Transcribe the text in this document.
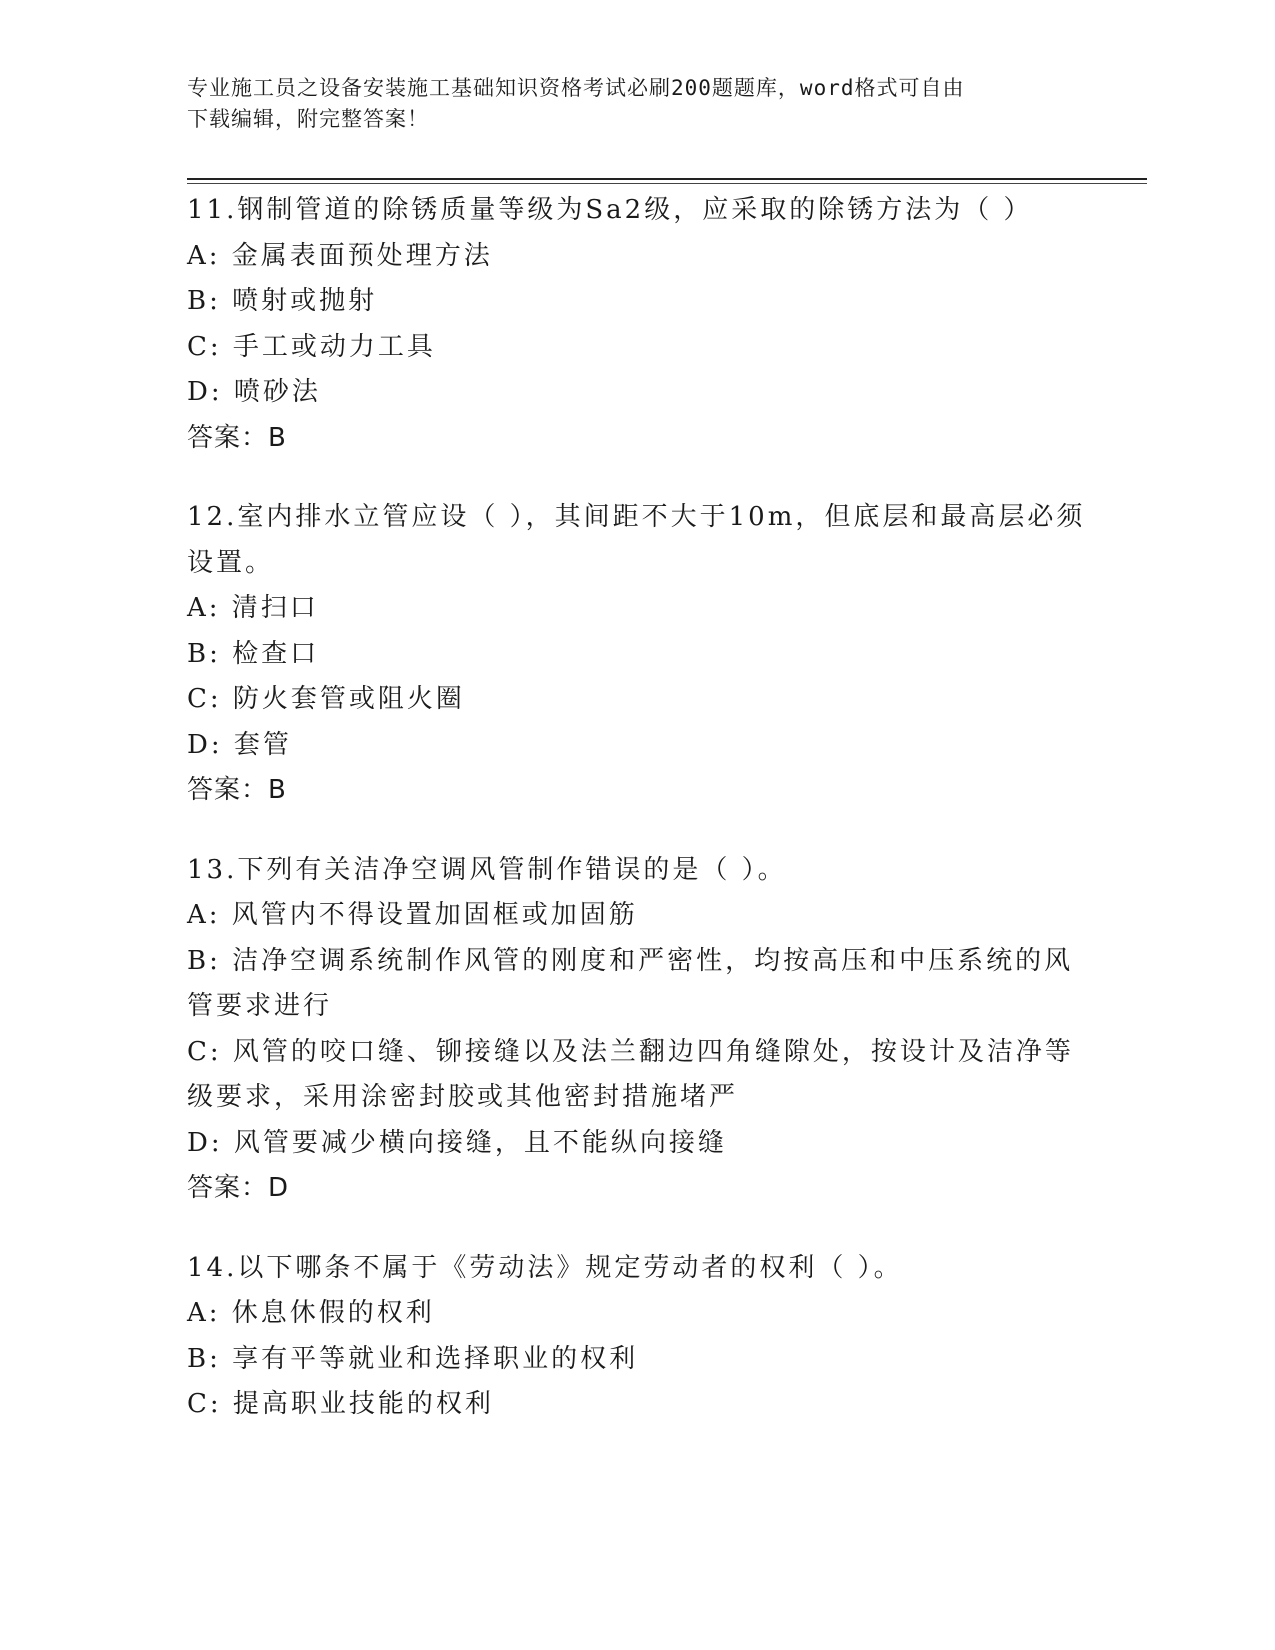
专业施工员之设备安装施工基础知识资格考试必刷200题题库，word格式可自由
下载编辑，附完整答案！
11.钢制管道的除锈质量等级为Sa2级，应采取的除锈方法为（ ）
A: 金属表面预处理方法
B: 喷射或抛射
C: 手工或动力工具
D: 喷砂法
答案：B
12.室内排水立管应设（ ），其间距不大于10m，但底层和最高层必须设置。
A: 清扫口
B: 检查口
C: 防火套管或阻火圈
D: 套管
答案：B
13.下列有关洁净空调风管制作错误的是（ ）。
A: 风管内不得设置加固框或加固筋
B: 洁净空调系统制作风管的刚度和严密性，均按高压和中压系统的风管要求进行
C: 风管的咬口缝、铆接缝以及法兰翻边四角缝隙处，按设计及洁净等级要求，采用涂密封胶或其他密封措施堵严
D: 风管要减少横向接缝，且不能纵向接缝
答案：D
14.以下哪条不属于《劳动法》规定劳动者的权利（ ）。
A: 休息休假的权利
B: 享有平等就业和选择职业的权利
C: 提高职业技能的权利
